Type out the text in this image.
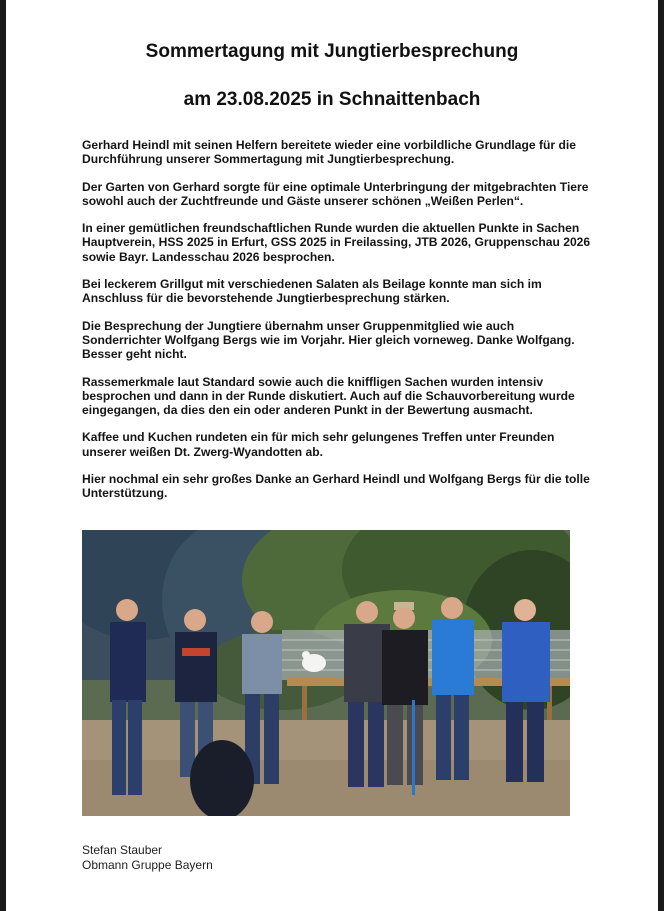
Sommertagung mit Jungtierbesprechung
am 23.08.2025 in Schnaittenbach

Gerhard Heindl mit seinen Helfern bereitete wieder eine vorbildliche Grundlage für die Durchführung unserer Sommertagung mit Jungtierbesprechung.

Der Garten von Gerhard sorgte für eine optimale Unterbringung der mitgebrachten Tiere sowohl auch der Zuchtfreunde und Gäste unserer schönen „Weißen Perlen“.

In einer gemütlichen freundschaftlichen Runde wurden die aktuellen Punkte in Sachen Hauptverein, HSS 2025 in Erfurt, GSS 2025 in Freilassing, JTB 2026, Gruppenschau 2026 sowie Bayr. Landesschau 2026 besprochen.

Bei leckerem Grillgut mit verschiedenen Salaten als Beilage konnte man sich im Anschluss für die bevorstehende Jungtierbesprechung stärken.

Die Besprechung der Jungtiere übernahm unser Gruppenmitglied wie auch Sonderrichter Wolfgang Bergs wie im Vorjahr. Hier gleich vorneweg. Danke Wolfgang. Besser geht nicht.

Rassemerkmale laut Standard sowie auch die kniffligen Sachen wurden intensiv besprochen und dann in der Runde diskutiert. Auch auf die Schauvorbereitung wurde eingegangen, da dies den ein oder anderen Punkt in der Bewertung ausmacht.

Kaffee und Kuchen rundeten ein für mich sehr gelungenes Treffen unter Freunden unserer weißen Dt. Zwerg-Wyandotten ab.

Hier nochmal ein sehr großes Danke an Gerhard Heindl und Wolfgang Bergs für die tolle Unterstützung.

Stefan Stauber
Obmann Gruppe Bayern
